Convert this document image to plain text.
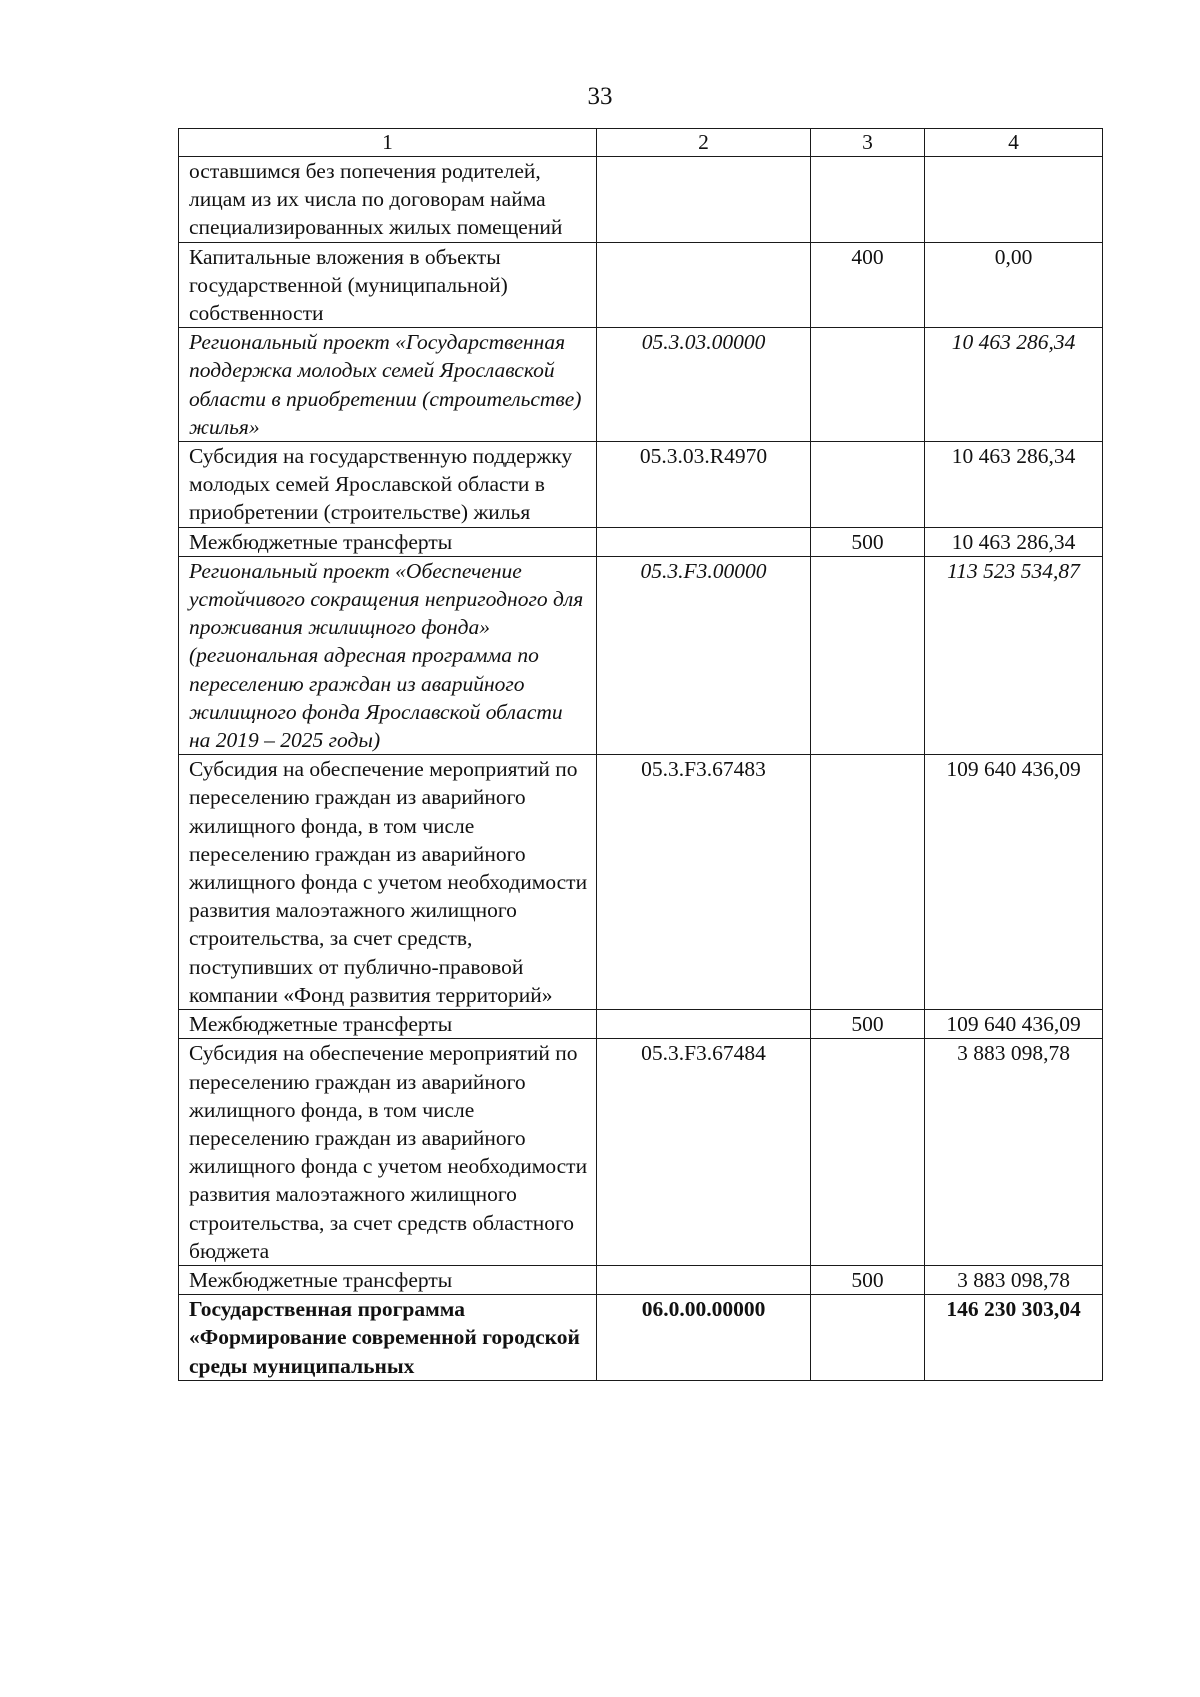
33
1	2	3	4
оставшимся без попечения родителей, лицам из их числа по договорам найма специализированных жилых помещений			
Капитальные вложения в объекты государственной (муниципальной) собственности		400	0,00
Региональный проект «Государственная поддержка молодых семей Ярославской области в приобретении (строительстве) жилья»	05.3.03.00000		10 463 286,34
Субсидия на государственную поддержку молодых семей Ярославской области в приобретении (строительстве) жилья	05.3.03.R4970		10 463 286,34
Межбюджетные трансферты		500	10 463 286,34
Региональный проект «Обеспечение устойчивого сокращения непригодного для проживания жилищного фонда» (региональная адресная программа по переселению граждан из аварийного жилищного фонда Ярославской области на 2019 – 2025 годы)	05.3.F3.00000		113 523 534,87
Субсидия на обеспечение мероприятий по переселению граждан из аварийного жилищного фонда, в том числе переселению граждан из аварийного жилищного фонда с учетом необходимости развития малоэтажного жилищного строительства, за счет средств, поступивших от публично-правовой компании «Фонд развития территорий»	05.3.F3.67483		109 640 436,09
Межбюджетные трансферты		500	109 640 436,09
Субсидия на обеспечение мероприятий по переселению граждан из аварийного жилищного фонда, в том числе переселению граждан из аварийного жилищного фонда с учетом необходимости развития малоэтажного жилищного строительства, за счет средств областного бюджета	05.3.F3.67484		3 883 098,78
Межбюджетные трансферты		500	3 883 098,78
Государственная программа «Формирование современной городской среды муниципальных	06.0.00.00000		146 230 303,04
